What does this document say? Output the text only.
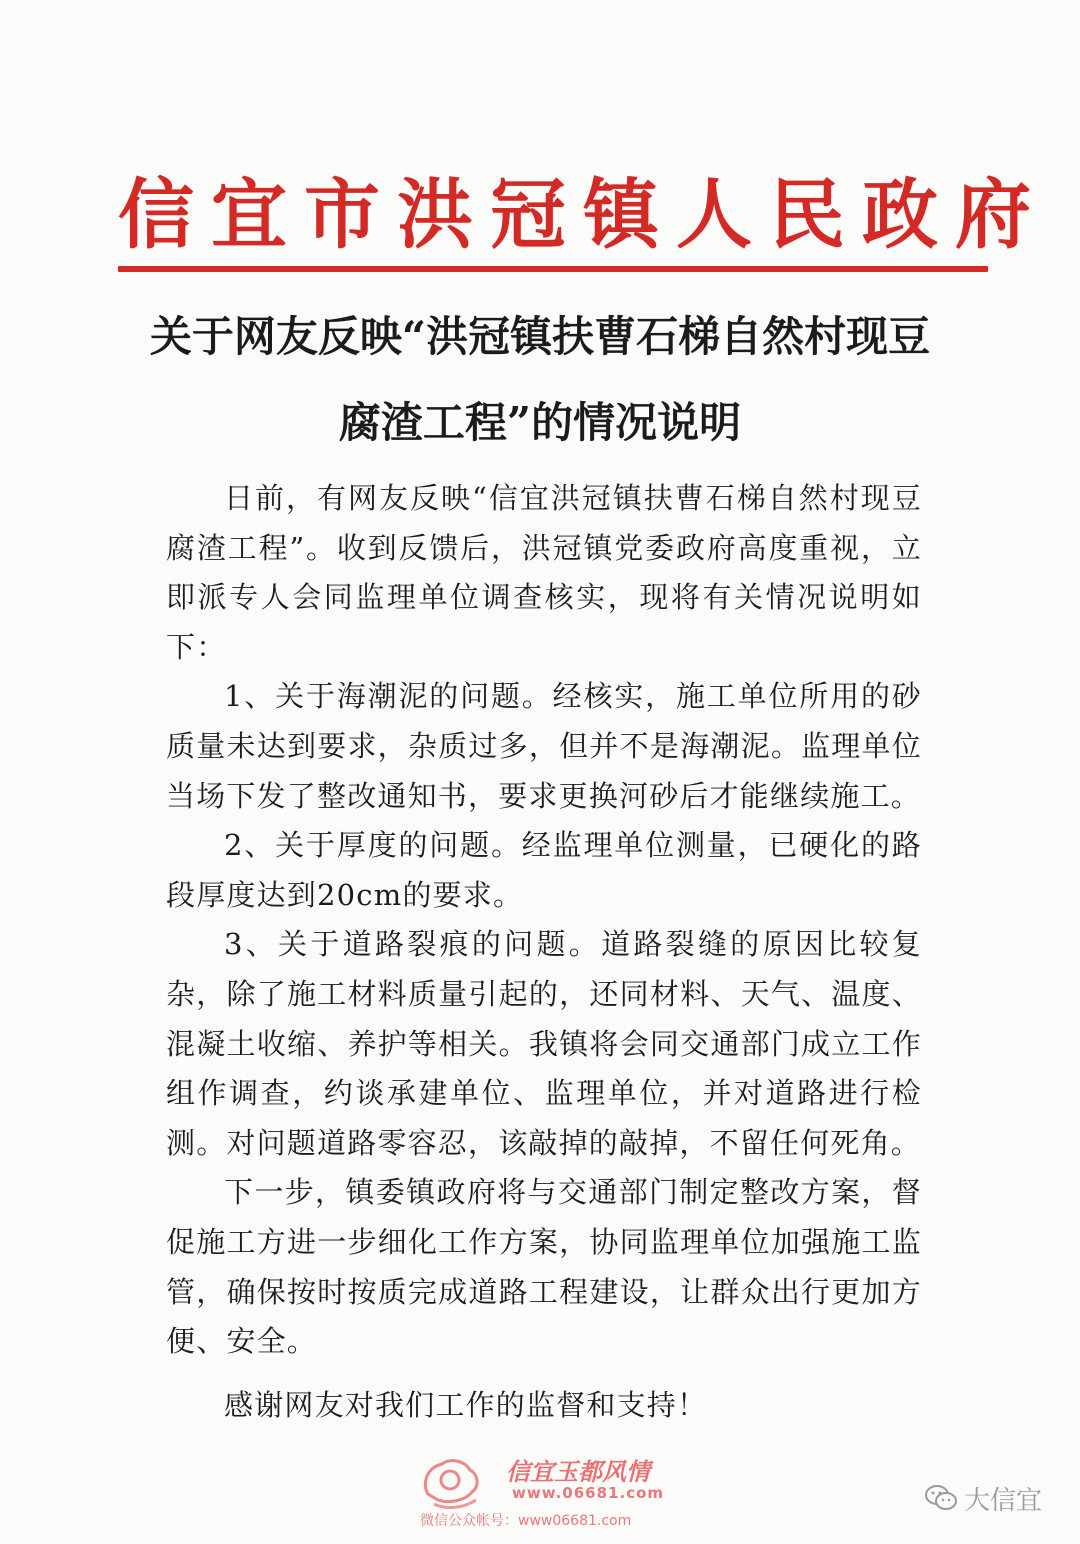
信宜市洪冠镇人民政府
关于网友反映“洪冠镇扶曹石梯自然村现豆
腐渣工程”的情况说明

日前，有网友反映“信宜洪冠镇扶曹石梯自然村现豆腐渣工程”。收到反馈后，洪冠镇党委政府高度重视，立即派专人会同监理单位调查核实，现将有关情况说明如下：

1、关于海潮泥的问题。经核实，施工单位所用的砂质量未达到要求，杂质过多，但并不是海潮泥。监理单位当场下发了整改通知书，要求更换河砂后才能继续施工。

2、关于厚度的问题。经监理单位测量，已硬化的路段厚度达到20cm的要求。

3、关于道路裂痕的问题。道路裂缝的原因比较复杂，除了施工材料质量引起的，还同材料、天气、温度、混凝土收缩、养护等相关。我镇将会同交通部门成立工作组作调查，约谈承建单位、监理单位，并对道路进行检测。对问题道路零容忍，该敲掉的敲掉，不留任何死角。

下一步，镇委镇政府将与交通部门制定整改方案，督促施工方进一步细化工作方案，协同监理单位加强施工监管，确保按时按质完成道路工程建设，让群众出行更加方便、安全。

感谢网友对我们工作的监督和支持！

信宜玉都风情
www.06681.com
微信公众帐号：www06681.com
大信宜
